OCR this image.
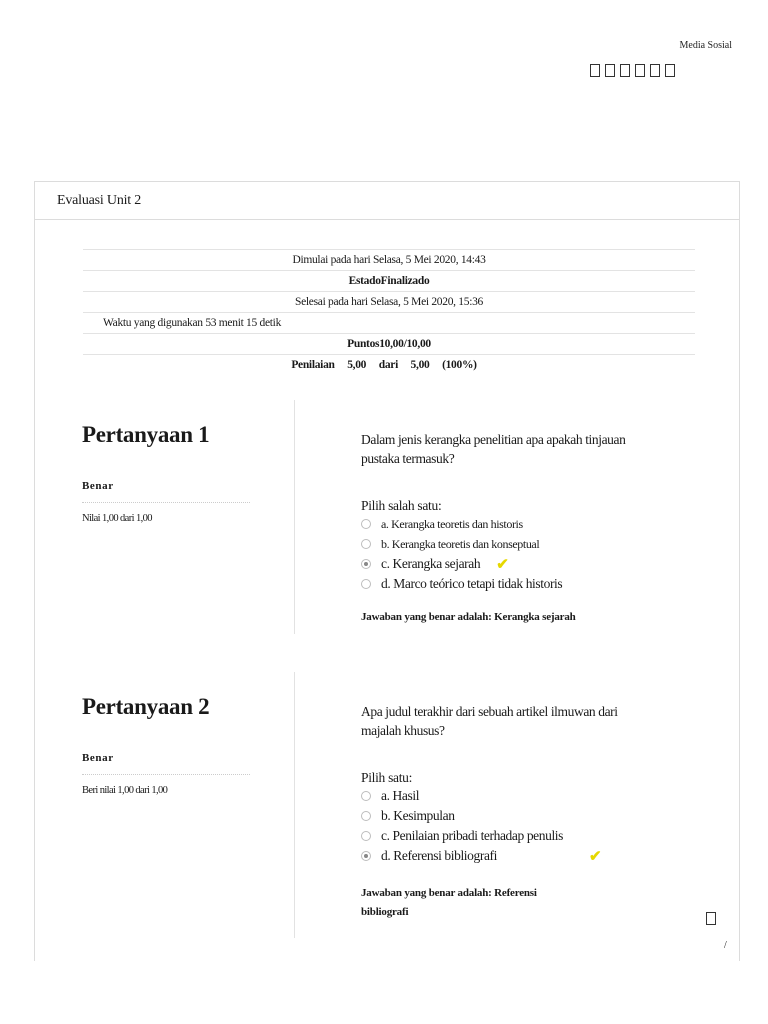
Media Sosial
Evaluasi Unit 2
Dimulai pada hari Selasa, 5 Mei 2020, 14:43
EstadoFinalizado
Selesai pada hari Selasa, 5 Mei 2020, 15:36
Waktu yang digunakan 53 menit 15 detik
Puntos10,00/10,00
Penilaian 5,00 dari 5,00 (100%)
Pertanyaan 1
Benar
Nilai 1,00 dari 1,00
Dalam jenis kerangka penelitian apa apakah tinjauan pustaka termasuk?
Pilih salah satu:
a. Kerangka teoretis dan historis
b. Kerangka teoretis dan konseptual
c. Kerangka sejarah ✔
d. Marco teórico tetapi tidak historis
Jawaban yang benar adalah: Kerangka sejarah
Pertanyaan 2
Benar
Beri nilai 1,00 dari 1,00
Apa judul terakhir dari sebuah artikel ilmuwan dari majalah khusus?
Pilih satu:
a. Hasil
b. Kesimpulan
c. Penilaian pribadi terhadap penulis
d. Referensi bibliografi	✔
Jawaban yang benar adalah: Referensi bibliografi
/
